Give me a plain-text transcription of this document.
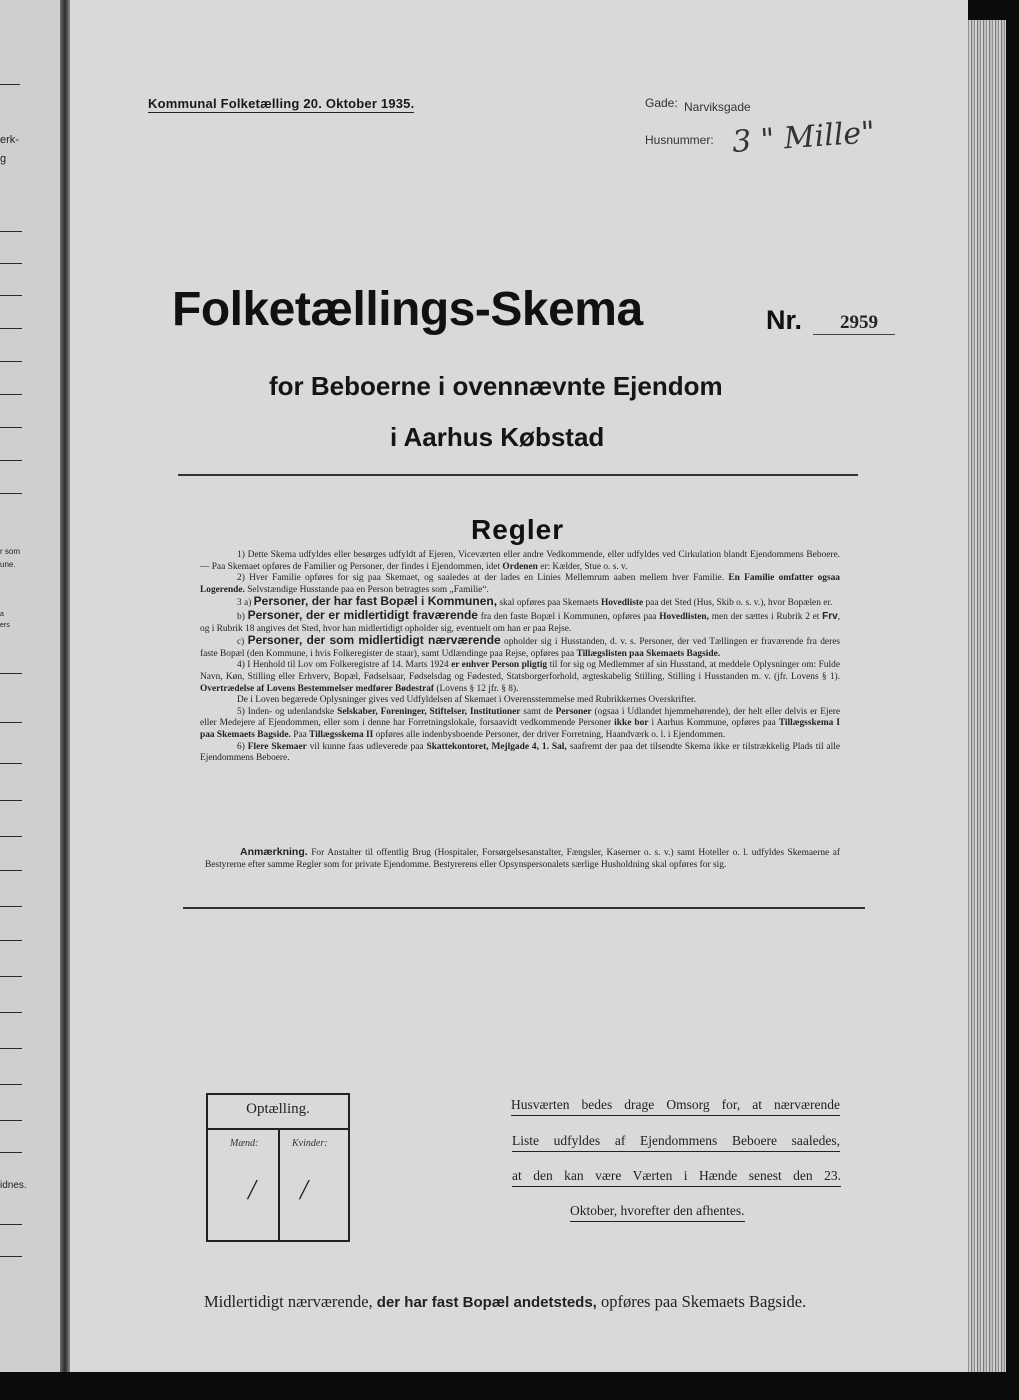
erk-
g
r som
une.
a
ers
idnes.
Kommunal Folketælling 20. Oktober 1935.	Gade: Narviksgade
Husnummer: 3 " Mille"
Folketællings-Skema	Nr. 2959
for Beboerne i ovennævnte Ejendom
i Aarhus Købstad
Regler

1) Dette Skema udfyldes eller besørges udfyldt af Ejeren, Viceværten eller andre Vedkommende, eller udfyldes ved Cirkulation blandt Ejendommens Beboere. — Paa Skemaet opføres de Familier og Personer, der findes i Ejendommen, idet Ordenen er: Kælder, Stue o. s. v.

2) Hver Familie opføres for sig paa Skemaet, og saaledes at der lades en Linies Mellemrum aaben mellem hver Familie. En Familie omfatter ogsaa Logerende. Selvstændige Husstande paa en Person betragtes som „Familie“.

3 a) Personer, der har fast Bopæl i Kommunen, skal opføres paa Skemaets Hovedliste paa det Sted (Hus, Skib o. s. v.), hvor Bopælen er.

b) Personer, der er midlertidigt fraværende fra den faste Bopæl i Kommunen, opføres paa Hovedlisten, men der sættes i Rubrik 2 et Frv, og i Rubrik 18 angives det Sted, hvor han midlertidigt opholder sig, eventuelt om han er paa Rejse.

c) Personer, der som midlertidigt nærværende opholder sig i Husstanden, d. v. s. Personer, der ved Tællingen er fraværende fra deres faste Bopæl (den Kommune, i hvis Folkeregister de staar), samt Udlændinge paa Rejse, opføres paa Tillægslisten paa Skemaets Bagside.

4) I Henhold til Lov om Folkeregistre af 14. Marts 1924 er enhver Person pligtig til for sig og Medlemmer af sin Husstand, at meddele Oplysninger om: Fulde Navn, Køn, Stilling eller Erhverv, Bopæl, Fødselsaar, Fødselsdag og Fødested, Statsborgerforhold, ægteskabelig Stilling, Stilling i Husstanden m. v. (jfr. Lovens § 1). Overtrædelse af Lovens Bestemmelser medfører Bødestraf (Lovens § 12 jfr. § 8).

De i Loven begærede Oplysninger gives ved Udfyldelsen af Skemaet i Overensstemmelse med Rubrikkernes Overskrifter.

5) Inden- og udenlandske Selskaber, Foreninger, Stiftelser, Institutioner samt de Personer (ogsaa i Udlandet hjemmehørende), der helt eller delvis er Ejere eller Medejere af Ejendommen, eller som i denne har Forretningslokale, forsaavidt vedkommende Personer ikke bor i Aarhus Kommune, opføres paa Tillægsskema I paa Skemaets Bagside. Paa Tillægsskema II opføres alle indenbysboende Personer, der driver Forretning, Haandværk o. l. i Ejendommen.

6) Flere Skemaer vil kunne faas udleverede paa Skattekontoret, Mejlgade 4, 1. Sal, saafremt der paa det tilsendte Skema ikke er tilstrækkelig Plads til alle Ejendommens Beboere.

Anmærkning. For Anstalter til offentlig Brug (Hospitaler, Forsørgelsesanstalter, Fængsler, Kaserner o. s. v.) samt Hoteller o. l. udfyldes Skemaerne af Bestyrerne efter samme Regler som for private Ejendomme. Bestyrerens eller Opsynspersonalets særlige Husholdning skal opføres for sig.

Optælling.
Mænd:	Kvinder:
/ /
Husværten bedes drage Omsorg for, at nærværende
Liste udfyldes af Ejendommens Beboere saaledes,
at den kan være Værten i Hænde senest den 23.
Oktober, hvorefter den afhentes.
Midlertidigt nærværende, der har fast Bopæl andetsteds, opføres paa Skemaets Bagside.
